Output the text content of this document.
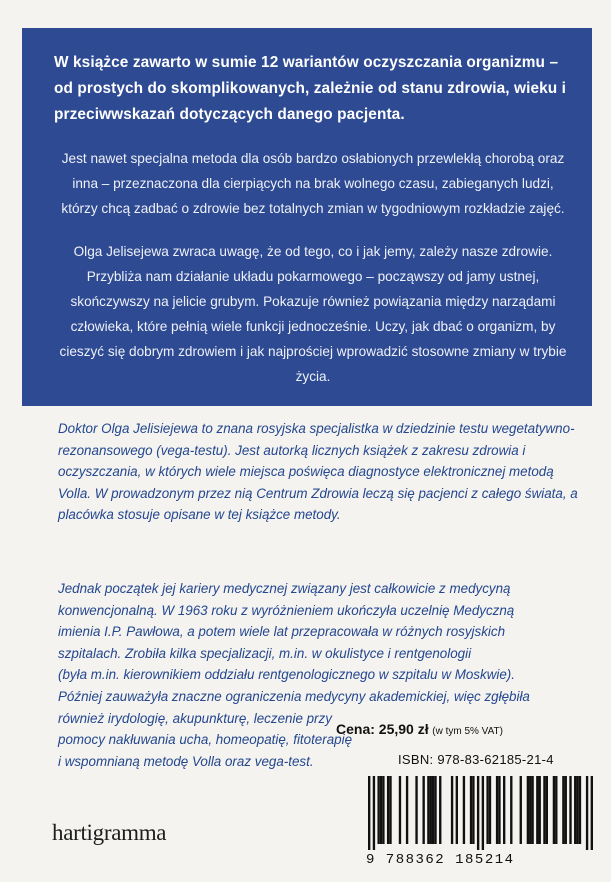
W książce zawarto w sumie 12 wariantów oczyszczania organizmu – od prostych do skomplikowanych, zależnie od stanu zdrowia, wieku i przeciwwskazań dotyczących danego pacjenta.

Jest nawet specjalna metoda dla osób bardzo osłabionych przewlekłą chorobą oraz inna – przeznaczona dla cierpiących na brak wolnego czasu, zabieganych ludzi, którzy chcą zadbać o zdrowie bez totalnych zmian w tygodniowym rozkładzie zajęć.

Olga Jelisejewa zwraca uwagę, że od tego, co i jak jemy, zależy nasze zdrowie. Przybliża nam działanie układu pokarmowego – począwszy od jamy ustnej, skończywszy na jelicie grubym. Pokazuje również powiązania między narządami człowieka, które pełnią wiele funkcji jednocześnie. Uczy, jak dbać o organizm, by cieszyć się dobrym zdrowiem i jak najprościej wprowadzić stosowne zmiany w trybie życia.

Doktor Olga Jelisiejewa to znana rosyjska specjalistka w dziedzinie testu wegetatywno-rezonansowego (vega-testu). Jest autorką licznych książek z zakresu zdrowia i oczyszczania, w których wiele miejsca poświęca diagnostyce elektronicznej metodą Volla. W prowadzonym przez nią Centrum Zdrowia leczą się pacjenci z całego świata, a placówka stosuje opisane w tej książce metody.

Jednak początek jej kariery medycznej związany jest całkowicie z medycyną
konwencjonalną. W 1963 roku z wyróżnieniem ukończyła uczelnię Medyczną
imienia I.P. Pawłowa, a potem wiele lat przepracowała w różnych rosyjskich
szpitalach. Zrobiła kilka specjalizacji, m.in. w okulistyce i rentgenologii
(była m.in. kierownikiem oddziału rentgenologicznego w szpitalu w Moskwie).
Później zauważyła znaczne ograniczenia medycyny akademickiej, więc zgłębiła
również irydologię, akupunkturę, leczenie przy
pomocy nakłuwania ucha, homeopatię, fitoterapię
i wspomnianą metodę Volla oraz vega-test.
Cena: 25,90 zł (w tym 5% VAT)
ISBN: 978-83-62185-21-4
9 788362 185214
hartigramma
